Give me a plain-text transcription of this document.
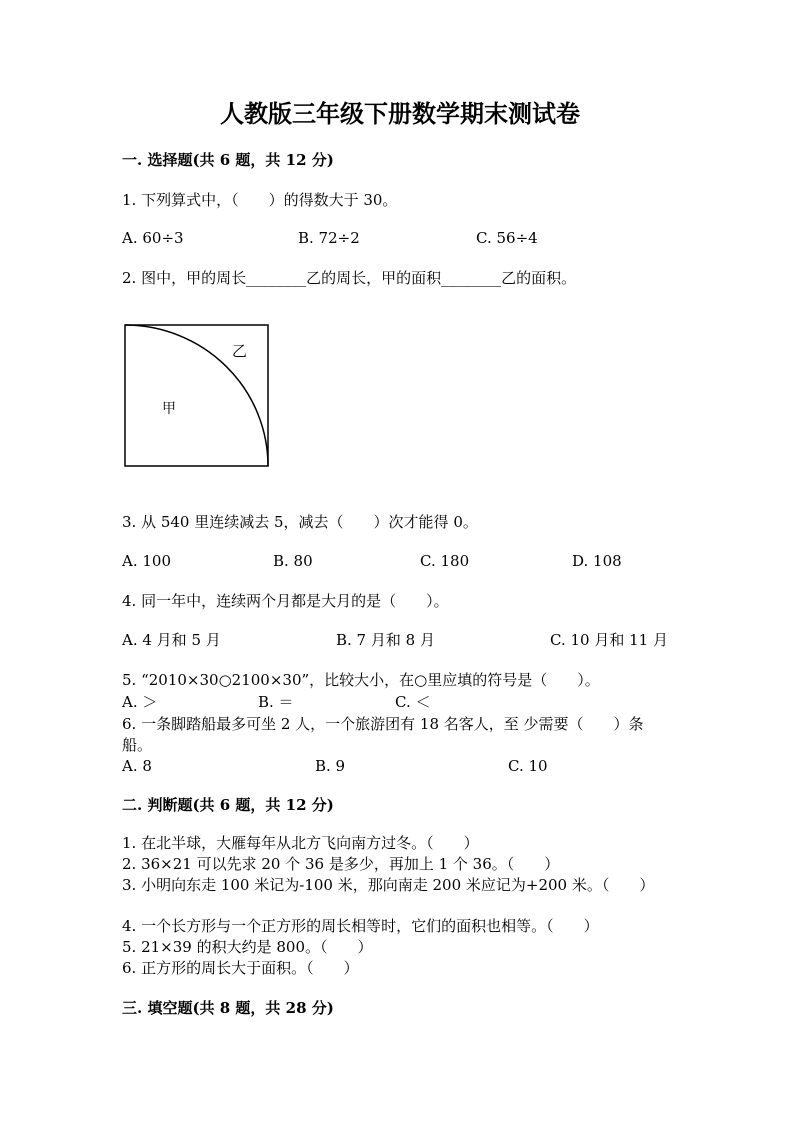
人教版三年级下册数学期末测试卷
一. 选择题(共 6 题，共 12 分)
1. 下列算式中，（　　）的得数大于 30。
A. 60÷3	B. 72÷2	C. 56÷4
2. 图中，甲的周长________乙的周长，甲的面积________乙的面积。
乙
甲
3. 从 540 里连续减去 5，减去（　　）次才能得 0。
A. 100	B. 80	C. 180	D. 108
4. 同一年中，连续两个月都是大月的是（　　）。
A. 4 月和 5 月	B. 7 月和 8 月	C. 10 月和 11 月
5. “2010×30○2100×30”，比较大小，在○里应填的符号是（　　）。
A. ＞	B. ＝	C. ＜
6. 一条脚踏船最多可坐 2 人，一个旅游团有 18 名客人，至 少需要（　　）条
船。
A. 8	B. 9	C. 10
二. 判断题(共 6 题，共 12 分)
1. 在北半球，大雁每年从北方飞向南方过冬。（　　）
2. 36×21 可以先求 20 个 36 是多少，再加上 1 个 36。（　　）
3. 小明向东走 100 米记为-100 米，那向南走 200 米应记为+200 米。（　　）
4. 一个长方形与一个正方形的周长相等时，它们的面积也相等。（　　）
5. 21×39 的积大约是 800。（　　）
6. 正方形的周长大于面积。（　　）
三. 填空题(共 8 题，共 28 分)
